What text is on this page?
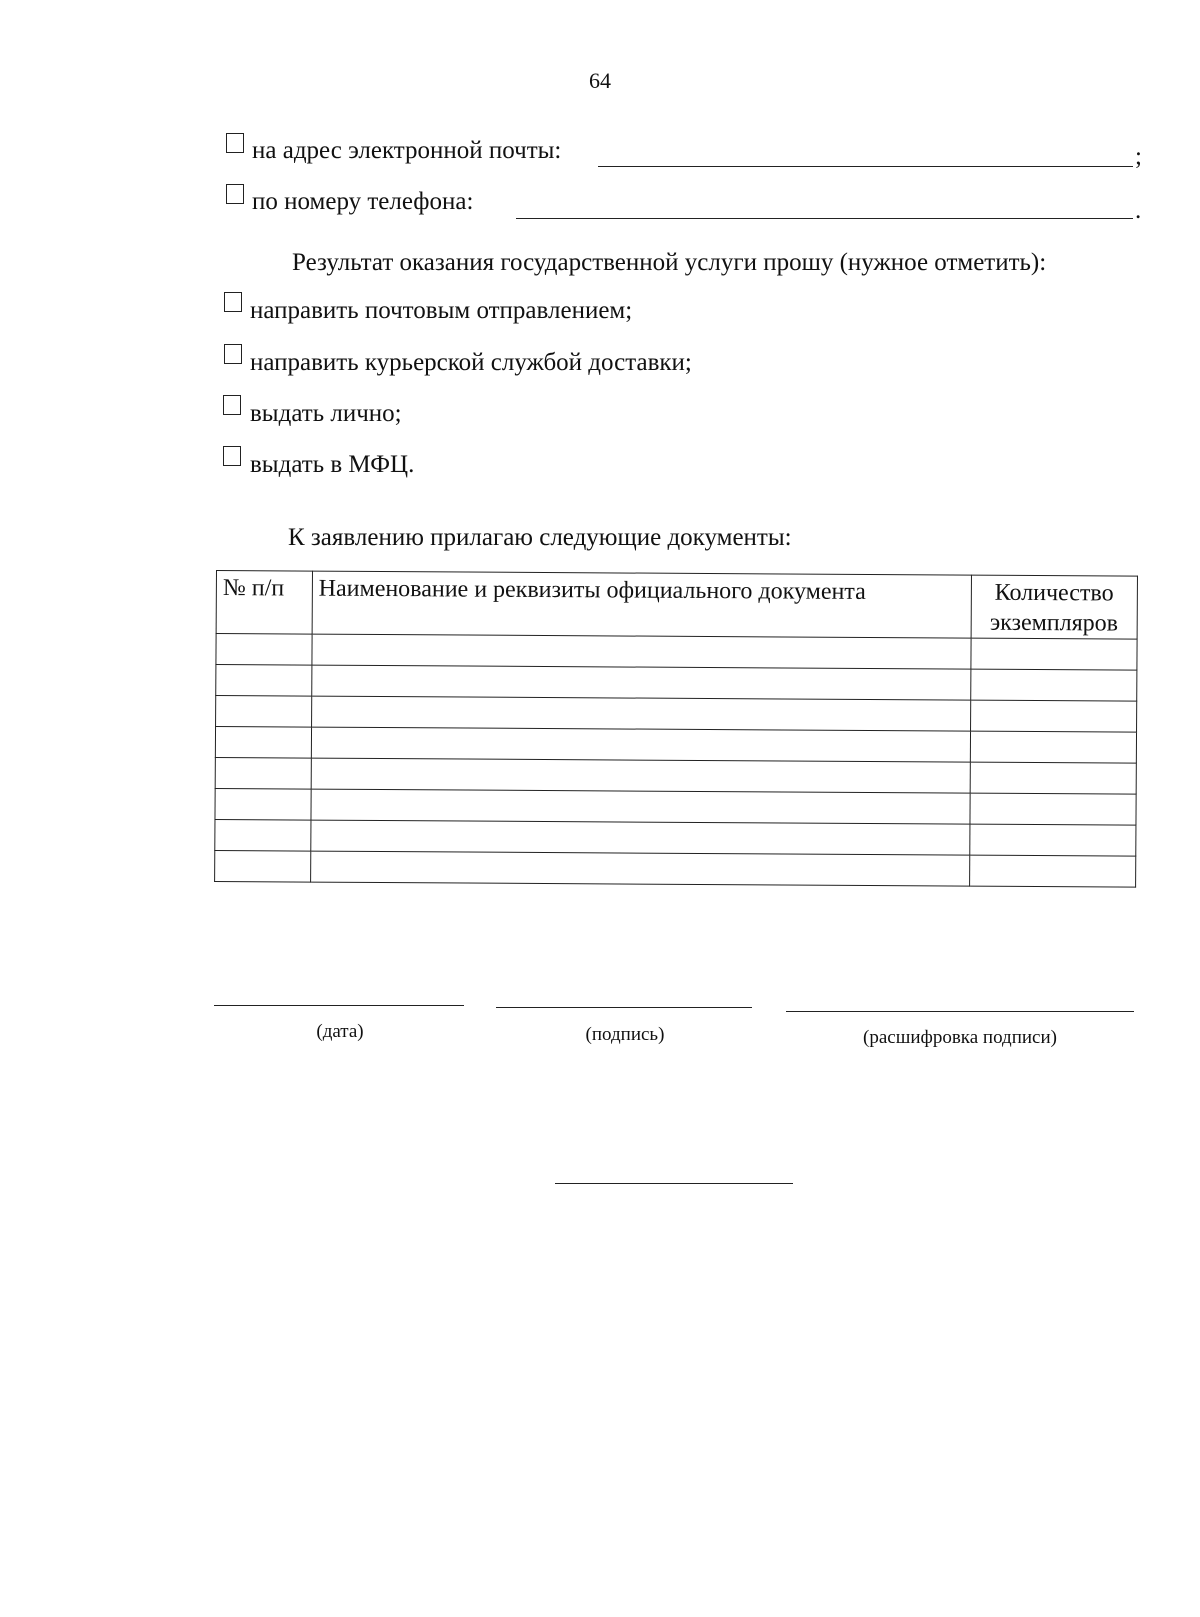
64
на адрес электронной почты:	;
по номеру телефона:	.
Результат оказания государственной услуги прошу (нужное отметить):
направить почтовым отправлением;
направить курьерской службой доставки;
выдать лично;
выдать в МФЦ.
К заявлению прилагаю следующие документы:
№ п/п	Наименование и реквизиты официального документа	Количество экземпляров

(дата)	(подпись)	(расшифровка подписи)
